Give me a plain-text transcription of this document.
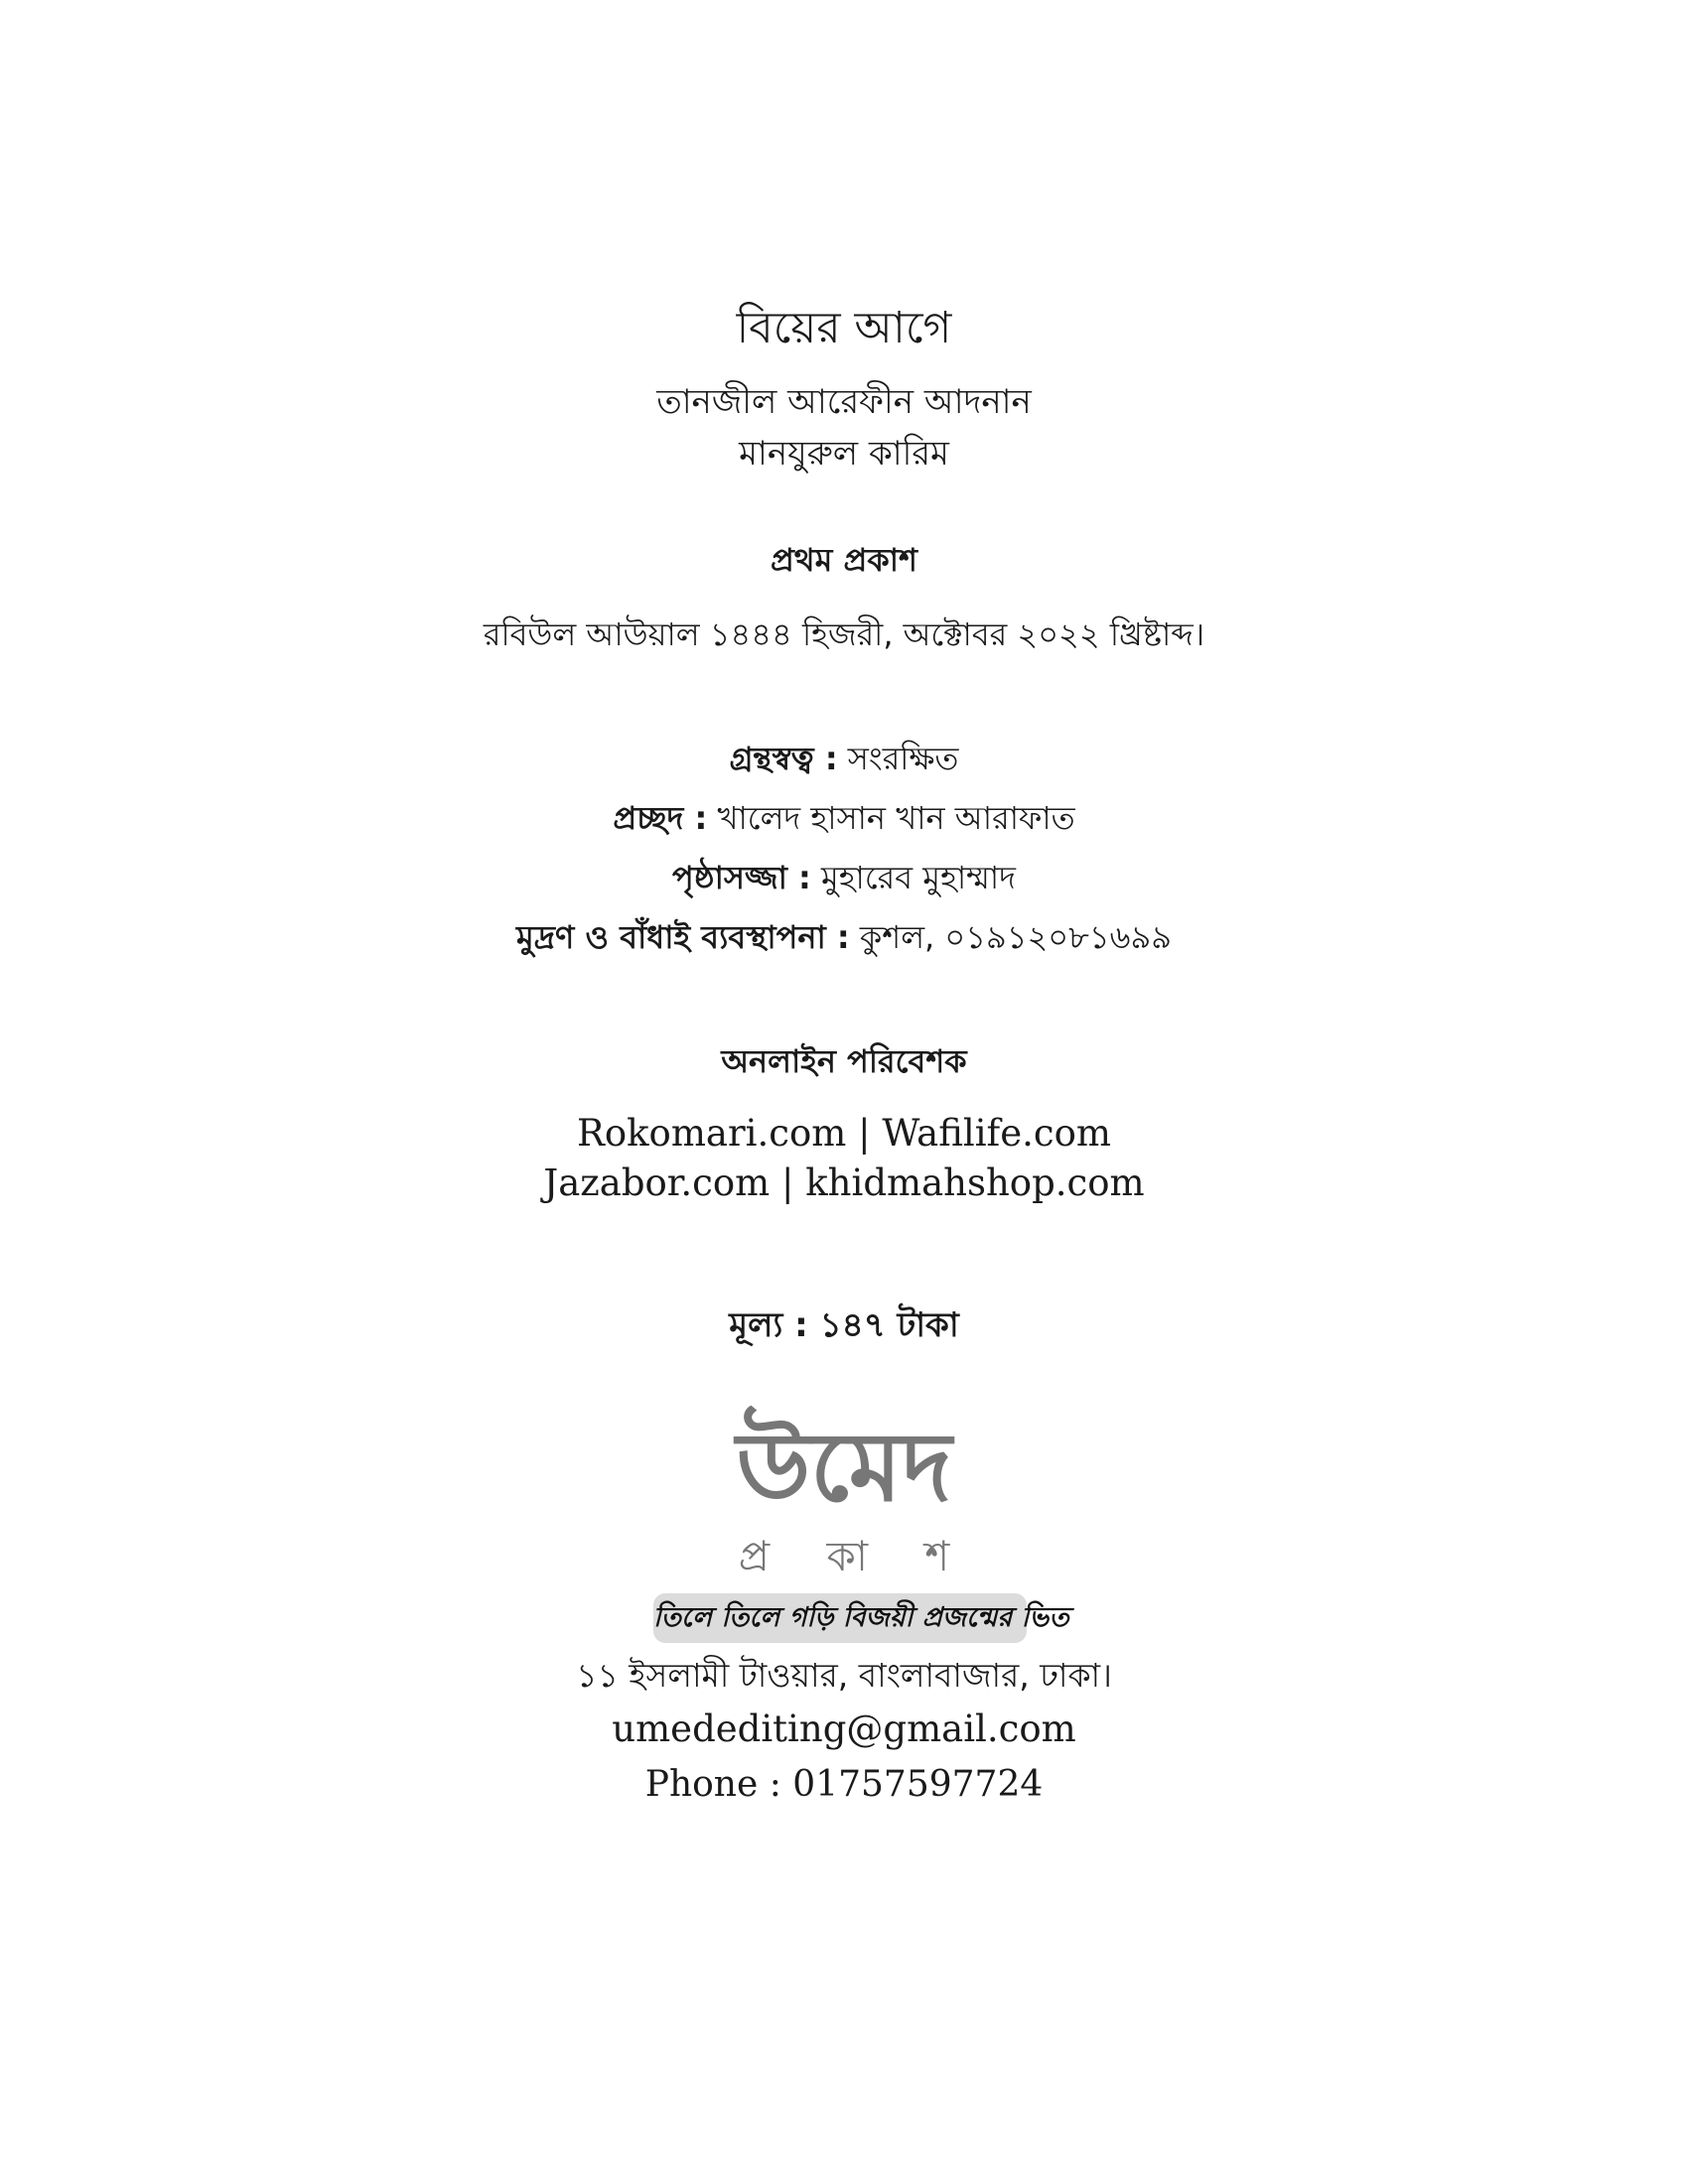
বিয়ের আগে
তানজীল আরেফীন আদনান
মানযুরুল কারিম
প্রথম প্রকাশ
রবিউল আউয়াল ১৪৪৪ হিজরী, অক্টোবর ২০২২ খ্রিষ্টাব্দ।
গ্রন্থস্বত্ব : সংরক্ষিত
প্রচ্ছদ : খালেদ হাসান খান আরাফাত
পৃষ্ঠাসজ্জা : মুহারেব মুহাম্মাদ
মুদ্রণ ও বাঁধাই ব্যবস্থাপনা : কুশল, ০১৯১২০৮১৬৯৯
অনলাইন পরিবেশক
Rokomari.com | Wafilife.com
Jazabor.com | khidmahshop.com
মূল্য : ১৪৭ টাকা
উমেদ
প্র কা শ
তিলে তিলে গড়ি বিজয়ী প্রজন্মের ভিত
১১ ইসলামী টাওয়ার, বাংলাবাজার, ঢাকা।
umedediting@gmail.com
Phone : 01757597724
